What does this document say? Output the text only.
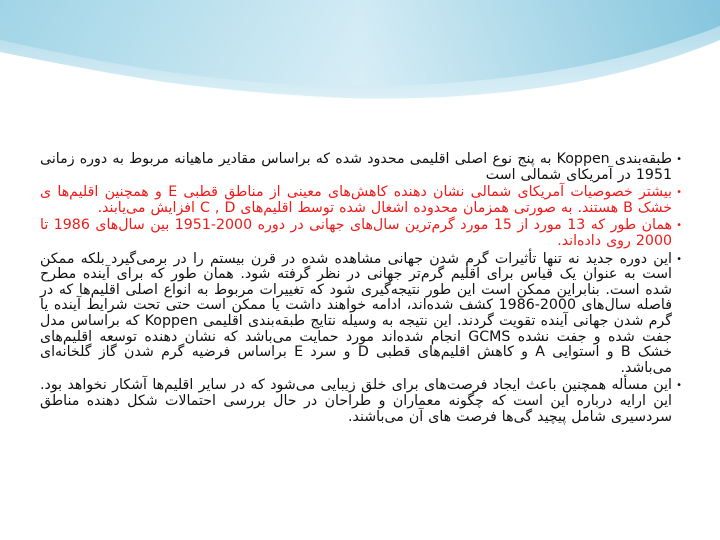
•
طبقه‌بندی Koppen به پنج نوع اصلی اقلیمی محدود شده که براساس مقادیر ماهیانه مربوط به دوره زمانی 1951 در آمریکای شمالی است

•
بیشتر خصوصیات آمریکای شمالی نشان دهنده کاهش‌های معینی از مناطق قطبی E و همچنین اقلیم‌ها ی خشک B هستند. به صورتی همزمان محدوده اشغال شده توسط اقلیم‌های C , D افزایش می‌یابند.

•
همان طور که 13 مورد از 15 مورد گرم‌ترین سال‌های جهانی در دوره 2000-1951 بین سال‌های 1986 تا 2000 روی داده‌اند.

•
این دوره جدید نه تنها تأثیرات گرم شدن جهانی مشاهده شده در قرن بیستم را در برمی‌گیرد بلکه ممکن است به عنوان یک قیاس برای اقلیم گرم‌تر جهانی در نظر گرفته شود. همان طور که برای آینده مطرح شده است. بنابراین ممکن است این طور نتیجه‌گیری شود که تغییرات مربوط به انواع اصلی اقلیم‌ها که در فاصله سال‌های 2000-1986 کشف شده‌اند، ادامه خواهند داشت یا ممکن است حتی تحت شرایط آینده یا گرم شدن جهانی آینده تقویت گردند. این نتیجه به وسیله نتایج طبقه‌بندی اقلیمی Koppen که براساس مدل جفت شده و جفت نشده GCMS انجام شده‌اند مورد حمایت می‌باشد که نشان دهنده توسعه اقلیم‌های خشک B و استوایی A و کاهش اقلیم‌های قطبی D و سرد E براساس فرضیه گرم شدن گاز گلخانه‌ای می‌باشد.

•
این مسأله همچنین باعث ایجاد فرصت‌های برای خلق زیبایی می‌شود که در سایر اقلیم‌ها آشکار نخواهد بود. این ارایه درباره این است که چگونه معماران و طراحان در حال بررسی احتمالات شکل دهنده مناطق سردسیری شامل پیچید گی‌ها فرصت های آن می‌باشند.
